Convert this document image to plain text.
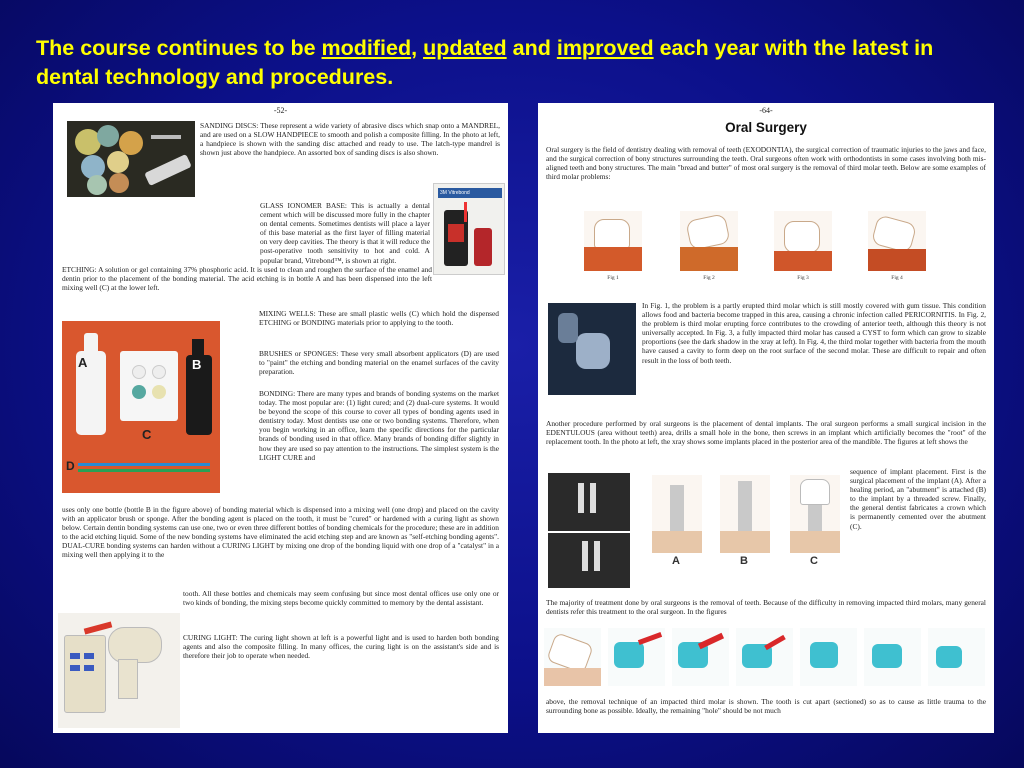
The course continues to be modified, updated and improved each year with the latest in dental technology and procedures.
-52-
SANDING DISCS: These represent a wide variety of abrasive discs which snap onto a MANDREL, and are used on a SLOW HANDPIECE to smooth and polish a composite filling. In the photo at left, a handpiece is shown with the sanding disc attached and ready to use. The latch-type mandrel is shown just above the handpiece. An assorted box of sanding discs is also shown.
3M Vitrebond
GLASS IONOMER BASE: This is actually a dental cement which will be discussed more fully in the chapter on dental cements. Sometimes dentists will place a layer of this base material as the first layer of filling material on very deep cavities. The theory is that it will reduce the post-operative tooth sensitivity to hot and cold. A popular brand, Vitrebond™, is shown at right.
ETCHING: A solution or gel containing 37% phosphoric acid. It is used to clean and roughen the surface of the enamel and dentin prior to the placement of the bonding material. The acid etching is in bottle A and has been dispensed into the left mixing well (C) at the lower left.
A
C
B
D
MIXING WELLS: These are small plastic wells (C) which hold the dispensed ETCHING or BONDING materials prior to applying to the tooth.
BRUSHES or SPONGES: These very small absorbent applicators (D) are used to "paint" the etching and bonding material on the enamel surfaces of the cavity preparation.
BONDING: There are many types and brands of bonding systems on the market today. The most popular are: (1) light cured; and (2) dual-cure systems. It would be beyond the scope of this course to cover all types of bonding agents used in dentistry today. Most dentists use one or two bonding systems. Therefore, when you begin working in an office, learn the specific directions for the particular brands of bonding used in that office. Many brands of bonding differ slightly in how they are used so pay attention to the instructions. The simplest system is the LIGHT CURE and
uses only one bottle (bottle B in the figure above) of bonding material which is dispensed into a mixing well (one drop) and placed on the cavity with an applicator brush or sponge. After the bonding agent is placed on the tooth, it must be "cured" or hardened with a curing light as shown below. Certain dentin bonding systems can use one, two or even three different bottles of bonding chemicals for the procedure; these are in addition to the acid etching liquid. Some of the new bonding systems have eliminated the acid etching step and are known as "self-etching bonding agents". DUAL-CURE bonding systems can harden without a CURING LIGHT by mixing one drop of the bonding liquid with one drop of a "catalyst" in a mixing well then applying it to the
tooth. All these bottles and chemicals may seem confusing but since most dental offices use only one or two kinds of bonding, the mixing steps become quickly committed to memory by the dental assistant.
CURING LIGHT: The curing light shown at left is a powerful light and is used to harden both bonding agents and also the composite filling. In many offices, the curing light is on the assistant's side and is therefore their job to operate when needed.
-64-
Oral Surgery
Oral surgery is the field of dentistry dealing with removal of teeth (EXODONTIA), the surgical correction of traumatic injuries to the jaws and face, and the surgical correction of bony structures surrounding the teeth. Oral surgeons often work with orthodontists in some cases involving both mis-aligned teeth and bony structures. The main "bread and butter" of most oral surgery is the removal of third molar teeth. Below are some examples of third molar problems:
Fig 1	Fig 2	Fig 3	Fig 4
In Fig. 1, the problem is a partly erupted third molar which is still mostly covered with gum tissue. This condition allows food and bacteria become trapped in this area, causing a chronic infection called PERICORNITIS. In Fig. 2, the problem is third molar erupting force contributes to the crowding of anterior teeth, although this theory is not universally accepted. In Fig. 3, a fully impacted third molar has caused a CYST to form which can grow to sizable proportions (see the dark shadow in the xray at left). In Fig. 4, the third molar together with bacteria from the mouth have caused a cavity to form deep on the root surface of the second molar. These are difficult to repair and often result in the loss of both teeth.
Another procedure performed by oral surgeons is the placement of dental implants. The oral surgeon performs a small surgical incision in the EDENTULOUS (area without teeth) area, drills a small hole in the bone, then screws in an implant which artificially becomes the "root" of the replacement tooth. In the photo at left, the xray shows some implants placed in the posterior area of the mandible. The figures at left shows the
A	B	C
sequence of implant placement. First is the surgical placement of the implant (A). After a healing period, an "abutment" is attached (B) to the implant by a threaded screw. Finally, the general dentist fabricates a crown which is permanently cemented over the abutment (C).
The majority of treatment done by oral surgeons is the removal of teeth. Because of the difficulty in removing impacted third molars, many general dentists refer this treatment to the oral surgeon. In the figures
above, the removal technique of an impacted third molar is shown. The tooth is cut apart (sectioned) so as to cause as little trauma to the surrounding bone as possible. Ideally, the remaining "hole" should be not much
